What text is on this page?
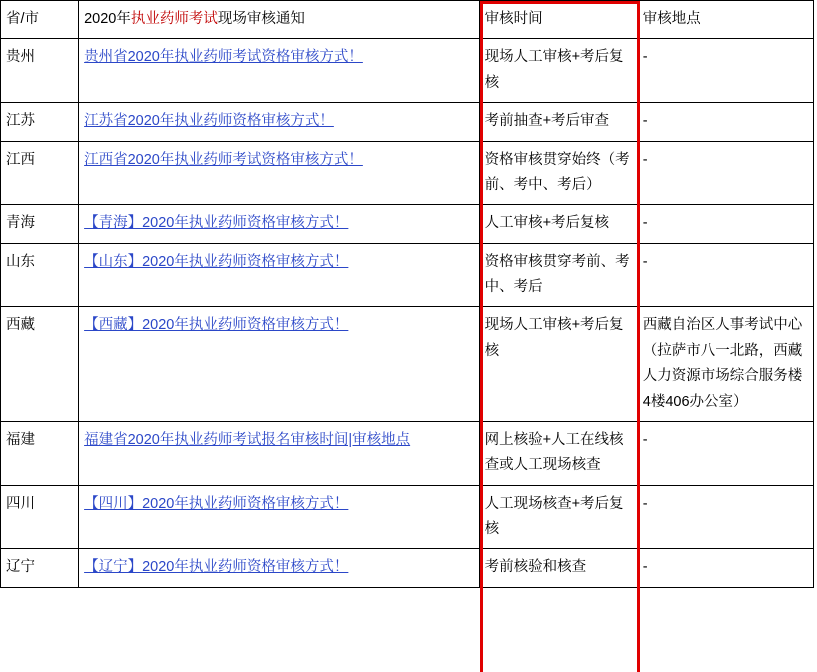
省/市	2020年执业药师考试现场审核通知	审核时间	审核地点
贵州	贵州省2020年执业药师考试资格审核方式！	现场人工审核+考后复核	-
江苏	江苏省2020年执业药师资格审核方式！	考前抽查+考后审查	-
江西	江西省2020年执业药师考试资格审核方式！	资格审核贯穿始终（考前、考中、考后）	-
青海	【青海】2020年执业药师资格审核方式！	人工审核+考后复核	-
山东	【山东】2020年执业药师资格审核方式！	资格审核贯穿考前、考中、考后	-
西藏	【西藏】2020年执业药师资格审核方式！	现场人工审核+考后复核	西藏自治区人事考试中心（拉萨市八一北路，西藏人力资源市场综合服务楼4楼406办公室）
福建	福建省2020年执业药师考试报名审核时间|审核地点	网上核验+人工在线核查或人工现场核查	-
四川	【四川】2020年执业药师资格审核方式！	人工现场核查+考后复核	-
辽宁	【辽宁】2020年执业药师资格审核方式！	考前核验和核查	-
